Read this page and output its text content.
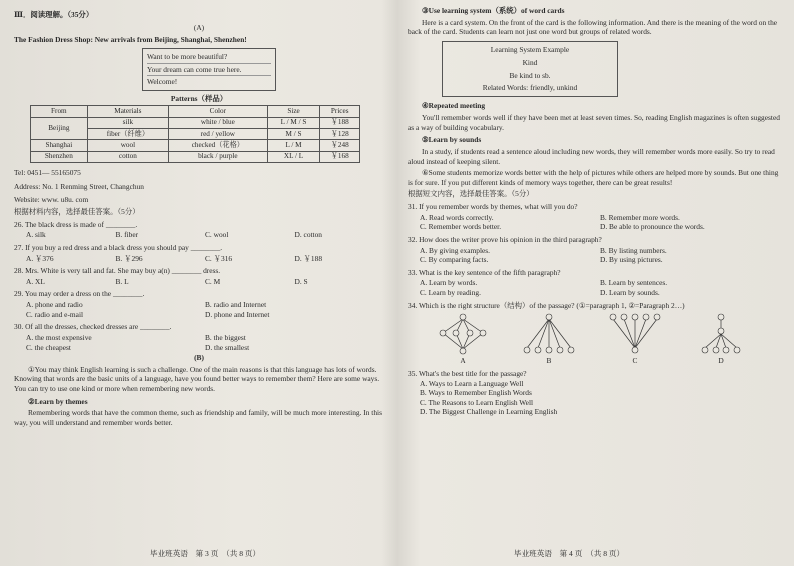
Ⅲ．阅读理解。（35分）
(A)
The Fashion Dress Shop: New arrivals from Beijing, Shanghai, Shenzhen!
Want to be more beautiful?
Your dream can come true here.
Welcome!
Patterns（样品）
From	Materials	Color	Size	Prices
Beijing	silk	white / blue	L / M / S	￥188
	fiber（纤维）	red / yellow	M / S	￥128
Shanghai	wool	checked（花格）	L / M	￥248
Shenzhen	cotton	black / purple	XL / L	￥168
Tel: 0451— 55165075
Address: No. 1 Renming Street, Changchun
Website: www. u8u. com
根据材料内容，选择最佳答案。（5分）
26. The black dress is made of ________.
A. silk	B. fiber	C. wool	D. cotton
27. If you buy a red dress and a black dress you should pay ________.
A. ￥376	B. ￥296	C. ￥316	D. ￥188
28. Mrs. White is very tall and fat. She may buy a(n) ________ dress.
A. XL	B. L	C. M	D. S
29. You may order a dress on the ________.
A. phone and radio	B. radio and Internet
C. radio and e-mail	D. phone and Internet
30. Of all the dresses, checked dresses are ________.
A. the most expensive	B. the biggest
C. the cheapest	D. the smallest
(B)

①You may think English learning is such a challenge. One of the main reasons is that this language has lots of words. Knowing that words are the basic units of a language, have you found better ways to remember them? Here are some ways. You can try to use one kind or more when remembering new words.

②Learn by themes

Remembering words that have the common theme, such as friendship and family, will be much more interesting. In this way, you will understand and remember words better.

毕业班英语　第 3 页　（共 8 页）
③Use learning system（系统）of word cards

Here is a card system. On the front of the card is the following information. And there is the meaning of the word on the back of the card. Students can learn not just one word but groups of related words.

Learning System Example
Kind
Be kind to sb.
Related Words: friendly, unkind
④Repeated meeting

You'll remember words well if they have been met at least seven times. So, reading English magazines is often suggested as a way of building vocabulary.

⑤Learn by sounds

In a study, if students read a sentence aloud including new words, they will remember words more easily. So try to read aloud instead of keeping silent.

⑥Some students memorize words better with the help of pictures while others are helped more by sounds. But one thing is for sure. If you put different kinds of memory ways together, there can be great results!

根据短文内容，选择最佳答案。（5分）
31. If you remember words by themes, what will you do?
A. Read words correctly.	B. Remember more words.
C. Remember words better.	D. Be able to pronounce the words.
32. How does the writer prove his opinion in the third paragraph?
A. By giving examples.	B. By listing numbers.
C. By comparing facts.	D. By using pictures.
33. What is the key sentence of the fifth paragraph?
A. Learn by words.	B. Learn by sentences.
C. Learn by reading.	D. Learn by sounds.
34. Which is the right structure（结构）of the passage? (①=paragraph 1, ②=Paragraph 2…)
A	B	C	D
35. What's the best title for the passage?
A. Ways to Learn a Language Well
B. Ways to Remember English Words
C. The Reasons to Learn English Well
D. The Biggest Challenge in Learning English
毕业班英语　第 4 页　（共 8 页）
